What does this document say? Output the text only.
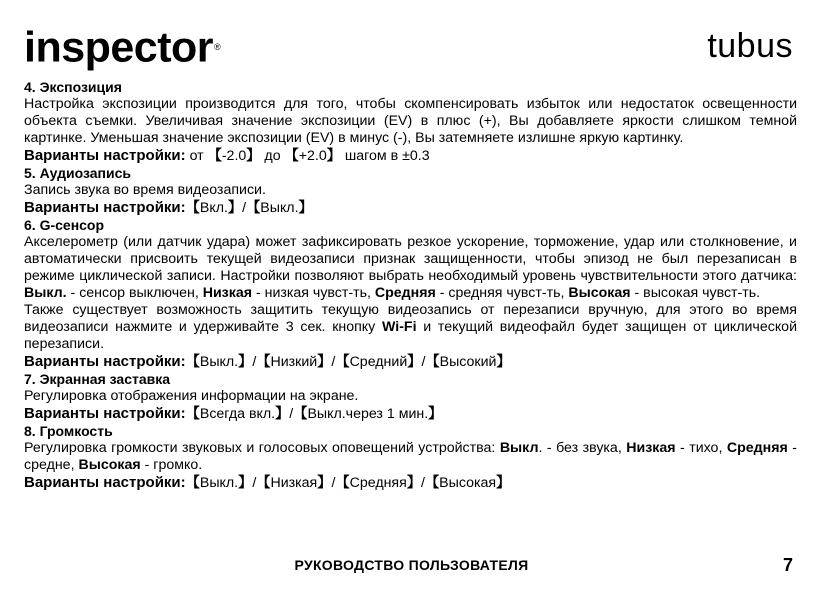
inspector®	tubus

4. Экспозиция

Настройка экспозиции производится для того, чтобы скомпенсировать избыток или недостаток освещенности объекта съемки. Увеличивая значение экспозиции (EV) в плюс (+), Вы добавляете яркости слишком темной картинке. Уменьшая значение экспозиции (EV) в минус (-), Вы затемняете излишне яркую картинку.

Варианты настройки: от 【-2.0】 до 【+2.0】 шагом в ±0.3

5. Аудиозапись

Запись звука во время видеозаписи.

Варианты настройки:【Вкл.】/【Выкл.】

6. G-сенсор

Акселерометр (или датчик удара) может зафиксировать резкое ускорение, торможение, удар или столкновение, и автоматически присвоить текущей видеозаписи признак защищенности, чтобы эпизод не был перезаписан в режиме циклической записи. Настройки позволяют выбрать необходимый уровень чувствительности этого датчика: Выкл. - сенсор выключен, Низкая - низкая чувст-ть, Средняя - средняя чувст-ть, Высокая - высокая чувст-ть.

Также существует возможность защитить текущую видеозапись от перезаписи вручную, для этого во время видеозаписи нажмите и удерживайте 3 сек. кнопку Wi-Fi и текущий видеофайл будет защищен от циклической перезаписи.

Варианты настройки:【Выкл.】/【Низкий】/【Средний】/【Высокий】

7. Экранная заставка

Регулировка отображения информации на экране.

Варианты настройки:【Всегда вкл.】/【Выкл.через 1 мин.】

8. Громкость

Регулировка громкости звуковых и голосовых оповещений устройства: Выкл. - без звука, Низкая - тихо, Средняя - средне, Высокая - громко.

Варианты настройки:【Выкл.】/【Низкая】/【Средняя】/【Высокая】

РУКОВОДСТВО ПОЛЬЗОВАТЕЛЯ	7
